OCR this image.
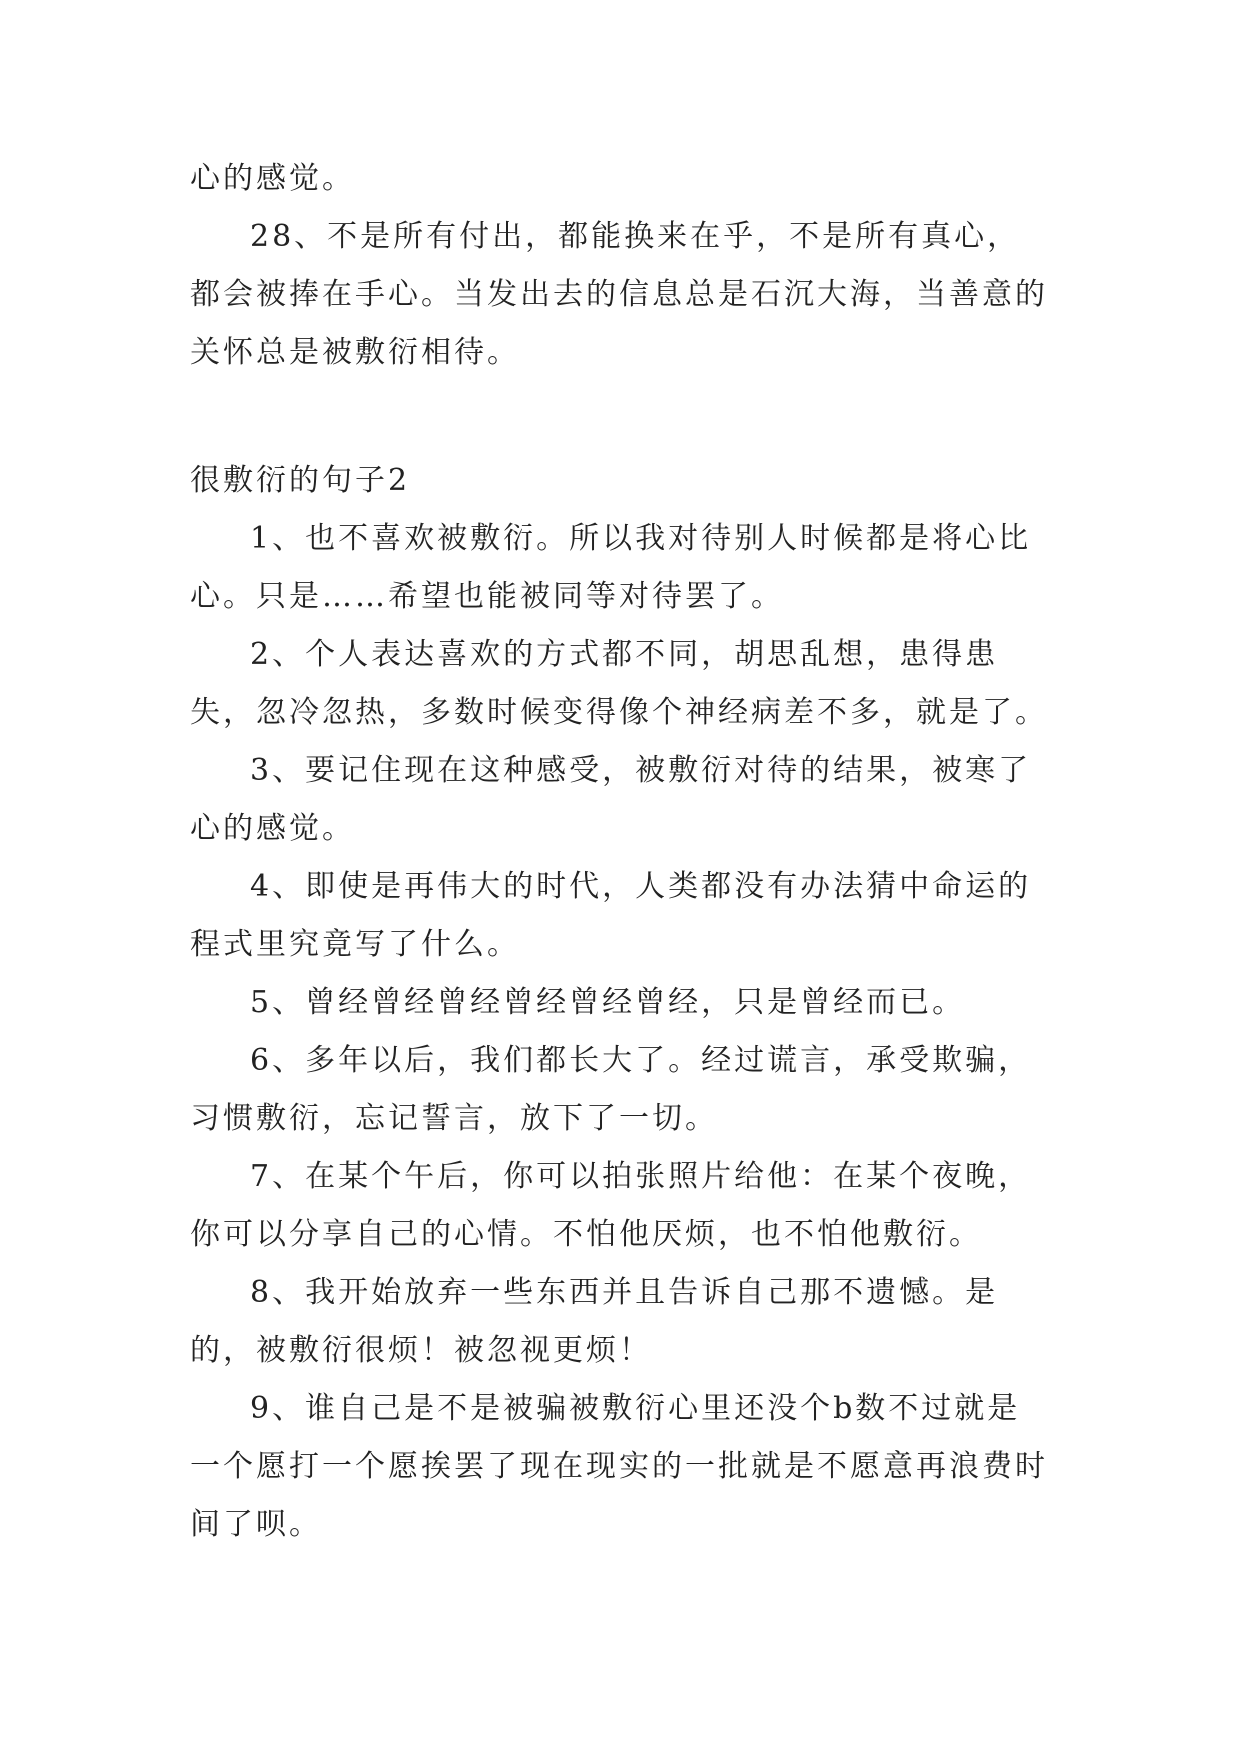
心的感觉。

28、不是所有付出，都能换来在乎，不是所有真心，都会被捧在手心。当发出去的信息总是石沉大海，当善意的关怀总是被敷衍相待。

很敷衍的句子2

1、也不喜欢被敷衍。所以我对待别人时候都是将心比心。只是……希望也能被同等对待罢了。

2、个人表达喜欢的方式都不同，胡思乱想，患得患失，忽冷忽热，多数时候变得像个神经病差不多，就是了。

3、要记住现在这种感受，被敷衍对待的结果，被寒了心的感觉。

4、即使是再伟大的时代，人类都没有办法猜中命运的程式里究竟写了什么。

5、曾经曾经曾经曾经曾经曾经，只是曾经而已。

6、多年以后，我们都长大了。经过谎言，承受欺骗，习惯敷衍，忘记誓言，放下了一切。

7、在某个午后，你可以拍张照片给他：在某个夜晚，你可以分享自己的心情。不怕他厌烦，也不怕他敷衍。

8、我开始放弃一些东西并且告诉自己那不遗憾。是的，被敷衍很烦！被忽视更烦！

9、谁自己是不是被骗被敷衍心里还没个b数不过就是一个愿打一个愿挨罢了现在现实的一批就是不愿意再浪费时间了呗。
